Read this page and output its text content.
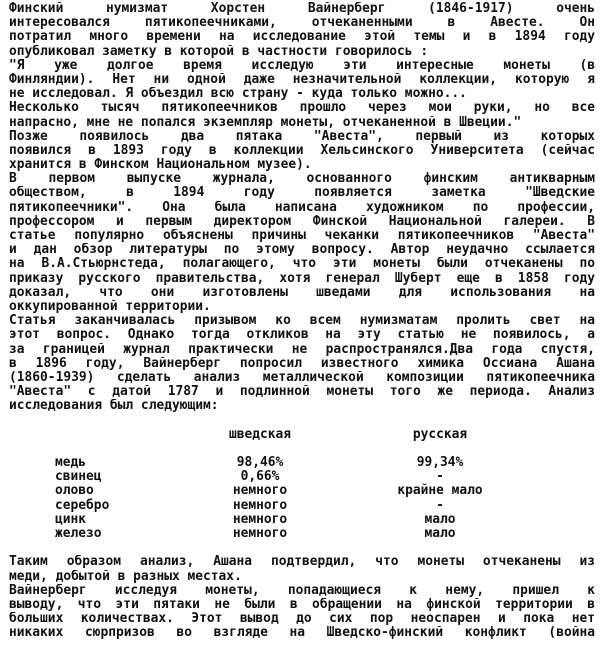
Финский нумизмат Хорстен Вайнерберг (1846-1917) очень
интересовался пятикопеечниками, отчеканенными в Авесте. Он
потратил много времени на исследование этой темы и в 1894 году
опубликовал заметку в которой в частности говорилось :
"Я уже долгое время исследую эти интересные монеты (в
Финляндии). Нет ни одной даже незначительной коллекции, которую я
не исследовал. Я объездил всю страну - куда только можно...
Несколько тысяч пятикопеечников прошло через мои руки, но все
напрасно, мне не попался экземпляр монеты, отчеканенной в Швеции."
Позже появилось два пятака "Авеста", первый из которых
появился в 1893 году в коллекции Хельсинского Университета (сейчас
хранится в Финском Национальном музее).
В первом выпуске журнала, основанного финским антикварным
обществом, в 1894 году появляется заметка "Шведские
пятикопеечники". Она была написана художником по профессии,
профессором и первым директором Финской Национальной галереи. В
статье популярно объяснены причины чеканки пятикопеечников "Авеста"
и дан обзор литературы по этому вопросу. Автор неудачно ссылается
на В.А.Стьюрнстеда, полагающего, что эти монеты были отчеканены по
приказу русского правительства, хотя генерал Шуберт еще в 1858 году
доказал, что они изготовлены шведами для использования на
оккупированной территории.
Статья заканчивалась призывом ко всем нумизматам пролить свет на
этот вопрос. Однако тогда откликов на эту статью не появилось, а
за границей журнал практически не распространялся.Два года спустя,
в 1896 году, Вайнерберг попросил известного химика Оссиана Ашана
(1860-1939) сделать анализ металлической композиции пятикопеечника
"Авеста" с датой 1787 и подлинной монеты того же периода. Анализ
исследования был следующим:
	шведская	русская

медь	98,46%	99,34%
свинец	0,66%	-
олово	немного	крайне мало
серебро	немного	-
цинк	немного	мало
железо	немного	мало
Таким образом анализ, Ашана подтвердил, что монеты отчеканены из
меди, добытой в разных местах.
Вайнерберг исследуя монеты, попадающиеся к нему, пришел к
выводу, что эти пятаки не были в обращении на финской территории в
больших количествах. Этот вывод до сих пор неоспарен и пока нет
никаких сюрпризов во взгляде на Шведско-финский конфликт (война
